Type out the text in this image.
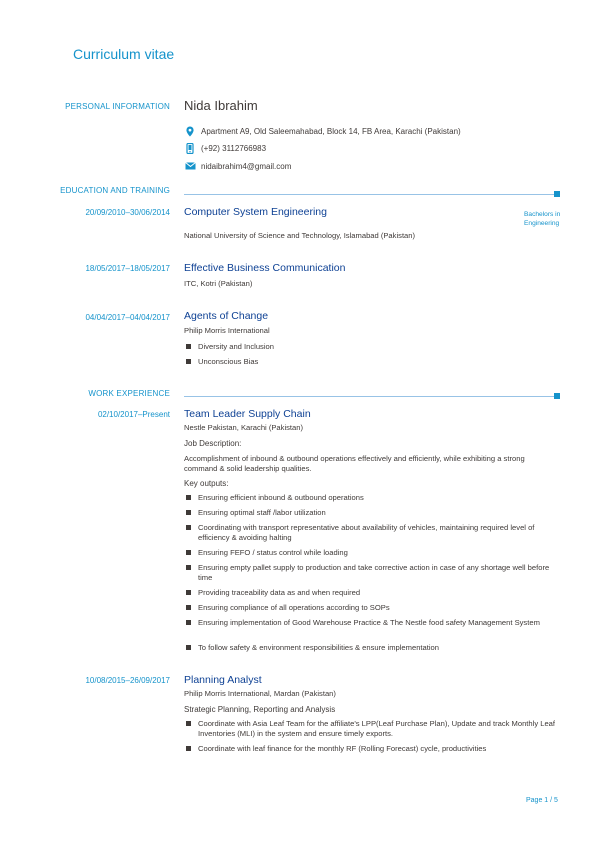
Curriculum vitae
PERSONAL INFORMATION Nida Ibrahim
Apartment A9, Old Saleemahabad, Block 14, FB Area, Karachi (Pakistan)
(+92) 3112766983
nidaibrahim4@gmail.com
EDUCATION AND TRAINING
20/09/2010–30/06/2014 Computer System Engineering	Bachelors in Engineering
National University of Science and Technology, Islamabad (Pakistan)
18/05/2017–18/05/2017 Effective Business Communication
ITC, Kotri (Pakistan)
04/04/2017–04/04/2017 Agents of Change
Philip Morris International
Diversity and Inclusion
Unconscious Bias
WORK EXPERIENCE
02/10/2017–Present Team Leader Supply Chain
Nestle Pakistan, Karachi (Pakistan)
Job Description:
Accomplishment of inbound & outbound operations effectively and efficiently, while exhibiting a strong command & solid leadership qualities.
Key outputs:
Ensuring efficient inbound & outbound operations
Ensuring optimal staff /labor utilization
Coordinating with transport representative about availability of vehicles, maintaining required level of efficiency & avoiding halting
Ensuring FEFO / status control while loading
Ensuring empty pallet supply to production and take corrective action in case of any shortage well before time
Providing traceability data as and when required
Ensuring compliance of all operations according to SOPs
Ensuring implementation of Good Warehouse Practice & The Nestle food safety Management System
To follow safety & environment responsibilities & ensure implementation
10/08/2015–26/09/2017 Planning Analyst
Philip Morris International, Mardan (Pakistan)
Strategic Planning, Reporting and Analysis
Coordinate with Asia Leaf Team for the affiliate's LPP(Leaf Purchase Plan), Update and track Monthly Leaf Inventories (MLI) in the system and ensure timely exports.
Coordinate with leaf finance for the monthly RF (Rolling Forecast) cycle, productivities
Page 1 / 5
